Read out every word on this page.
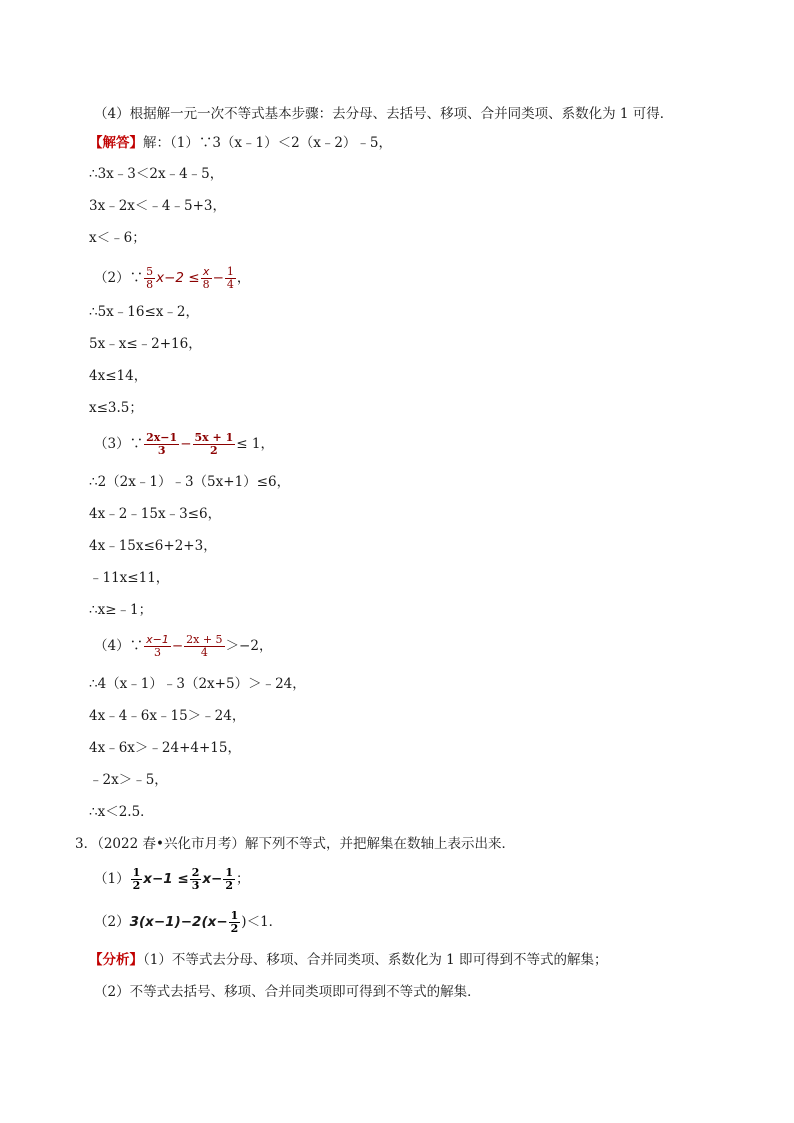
（4）根据解一元一次不等式基本步骤：去分母、去括号、移项、合并同类项、系数化为 1 可得．
【解答】解：（1）∵3（x﹣1）＜2（x﹣2）﹣5，
∴3x﹣3＜2x﹣4﹣5，
3x﹣2x＜﹣4﹣5+3，
x＜﹣6；
（2）∵ $\frac{5}{8} x-2 \le \frac{x}{8} - \frac{1}{4}$ ，
∴5x﹣16≤x﹣2，
5x﹣x≤﹣2+16，
4x≤14，
x≤3.5；
（3）∵ $\frac{2x-1}{3} - \frac{5x + 1}{2} \le 1$，
∴2（2x﹣1）﹣3（5x+1）≤6，
4x﹣2﹣15x﹣3≤6，
4x﹣15x≤6+2+3，
﹣11x≤11，
∴x≥﹣1；
（4）∵ $\frac{x-1}{3} - \frac{2x + 5}{4} >-2$，
∴4（x﹣1）﹣3（2x+5）＞﹣24，
4x﹣4﹣6x﹣15＞﹣24，
4x﹣6x＞﹣24+4+15，
﹣2x＞﹣5，
∴x＜2.5．
3．（2022 春•兴化市月考）解下列不等式，并把解集在数轴上表示出来．
$(1) \frac{1}{2} x-1 \le \frac{2}{3} x- \frac{1}{2}$ ；
$(2)3(x-1)-2(x- \frac{1}{2} )<1$．
【分析】（1）不等式去分母、移项、合并同类项、系数化为 1 即可得到不等式的解集；
（2）不等式去括号、移项、合并同类项即可得到不等式的解集．
